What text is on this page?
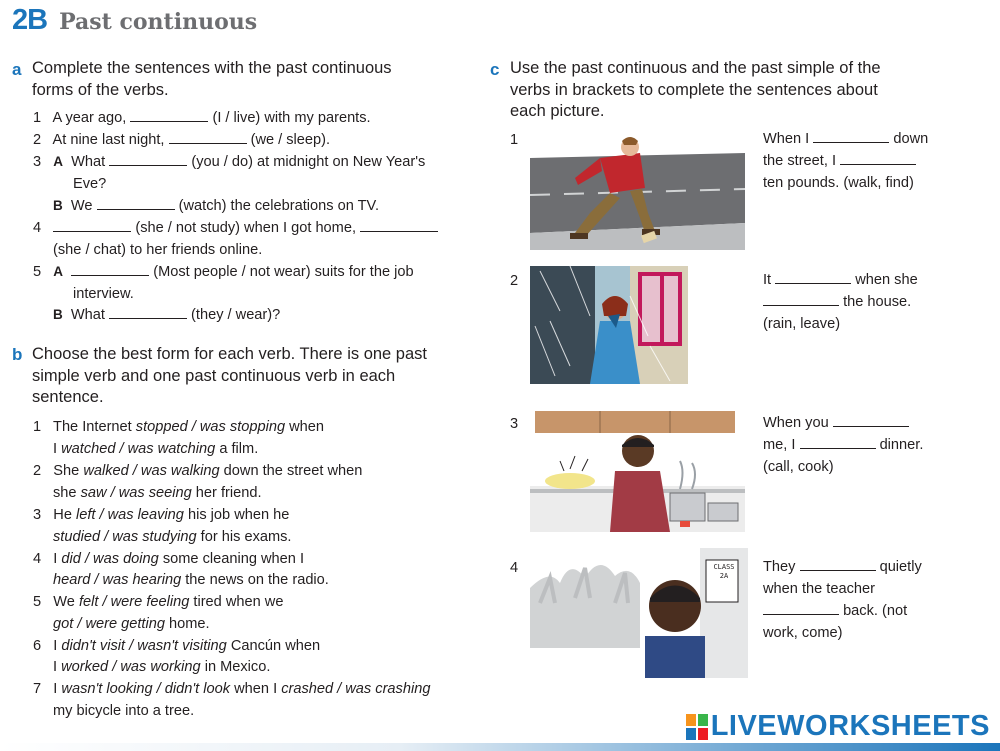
2B Past continuous
a Complete the sentences with the past continuous
forms of the verbs.
1 A year ago,	(I / live) with my parents.
2 At nine last night,	(we / sleep).
3 A What	(you / do) at midnight on New Year's
Eve?
B We	(watch) the celebrations on TV.
4	(she / not study) when I got home,
(she / chat) to her friends online.
5 A	(Most people / not wear) suits for the job
interview.
B What	(they / wear)?
b Choose the best form for each verb. There is one past
simple verb and one past continuous verb in each
sentence.
1 The Internet stopped / was stopping when
I watched / was watching a film.
2 She walked / was walking down the street when
she saw / was seeing her friend.
3 He left / was leaving his job when he
studied / was studying for his exams.
4 I did / was doing some cleaning when I
heard / was hearing the news on the radio.
5 We felt / were feeling tired when we
got / were getting home.
6 I didn't visit / wasn't visiting Cancún when
I worked / was working in Mexico.
7 I wasn't looking / didn't look when I crashed / was crashing
my bicycle into a tree.
c Use the past continuous and the past simple of the
verbs in brackets to complete the sentences about
each picture.
1	When I	down
the street, I
ten pounds. (walk, find)
2	It	when she
the house.
(rain, leave)
3	When you
me, I	dinner.
(call, cook)
4	CLASS
2A
They	quietly
when the teacher
back. (not
work, come)
LIVEWORKSHEETS
